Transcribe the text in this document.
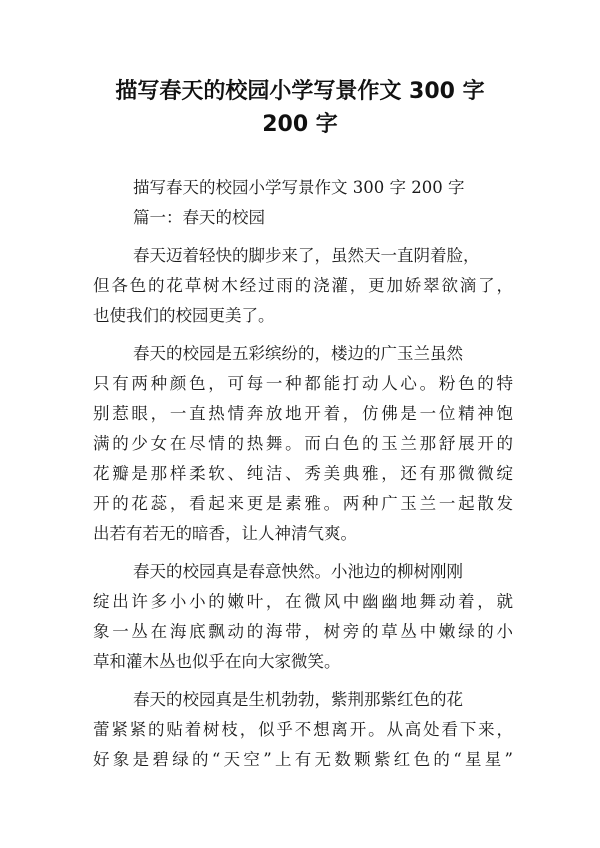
描写春天的校园小学写景作文 300 字
200 字
描写春天的校园小学写景作文 300 字 200 字
篇一：春天的校园
春天迈着轻快的脚步来了，虽然天一直阴着脸，
但各色的花草树木经过雨的浇灌，更加娇翠欲滴了，
也使我们的校园更美了。
春天的校园是五彩缤纷的，楼边的广玉兰虽然
只有两种颜色，可每一种都能打动人心。粉色的特
别惹眼，一直热情奔放地开着，仿佛是一位精神饱
满的少女在尽情的热舞。而白色的玉兰那舒展开的
花瓣是那样柔软、纯洁、秀美典雅，还有那微微绽
开的花蕊，看起来更是素雅。两种广玉兰一起散发
出若有若无的暗香，让人神清气爽。
春天的校园真是春意怏然。小池边的柳树刚刚
绽出许多小小的嫩叶，在微风中幽幽地舞动着，就
象一丛在海底飘动的海带，树旁的草丛中嫩绿的小
草和灌木丛也似乎在向大家微笑。
春天的校园真是生机勃勃，紫荆那紫红色的花
蕾紧紧的贴着树枝，似乎不想离开。从高处看下来，
好象是碧绿的“天空”上有无数颗紫红色的“星星”
